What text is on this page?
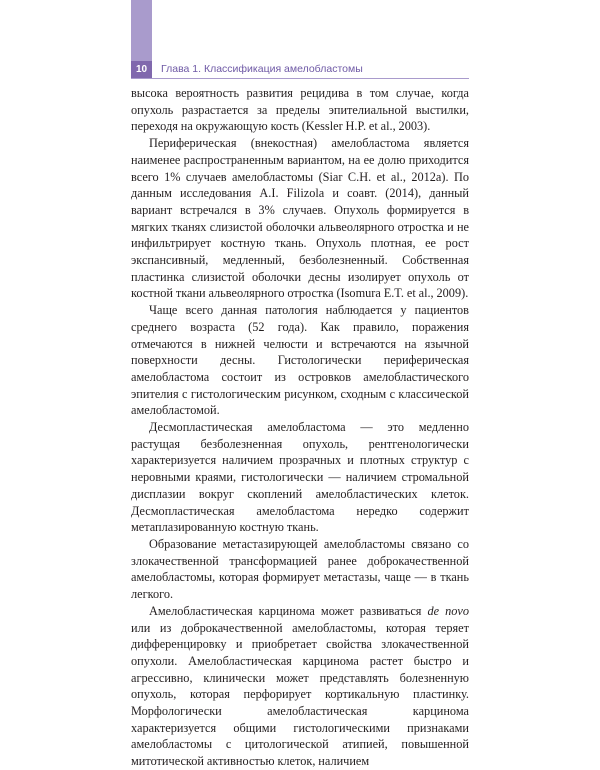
10	Глава 1. Классификация амелобластомы

высока вероятность развития рецидива в том случае, когда опухоль разрастается за пределы эпителиальной выстилки, переходя на окружающую кость (Kessler H.P. et al., 2003).

Периферическая (внекостная) амелобластома является наименее распространенным вариантом, на ее долю приходится всего 1% случаев амелобластомы (Siar C.H. et al., 2012a). По данным исследования A.I. Filizola и соавт. (2014), данный вариант встречался в 3% случаев. Опухоль формируется в мягких тканях слизистой оболочки альвеолярного отростка и не инфильтрирует костную ткань. Опухоль плотная, ее рост экспансивный, медленный, безболезненный. Собственная пластинка слизистой оболочки десны изолирует опухоль от костной ткани альвеолярного отростка (Isomura E.T. et al., 2009).

Чаще всего данная патология наблюдается у пациентов среднего возраста (52 года). Как правило, поражения отмечаются в нижней челюсти и встречаются на язычной поверхности десны. Гистологически периферическая амелобластома состоит из островков амелобластического эпителия с гистологическим рисунком, сходным с классической амелобластомой.

Десмопластическая амелобластома — это медленно растущая безболезненная опухоль, рентгенологически характеризуется наличием прозрачных и плотных структур с неровными краями, гистологически — наличием стромальной дисплазии вокруг скоплений амелобластических клеток. Десмопластическая амелобластома нередко содержит метаплазированную костную ткань.

Образование метастазирующей амелобластомы связано со злокачественной трансформацией ранее доброкачественной амелобластомы, которая формирует метастазы, чаще — в ткань легкого.

Амелобластическая карцинома может развиваться de novo или из доброкачественной амелобластомы, которая теряет дифференцировку и приобретает свойства злокачественной опухоли. Амелобластическая карцинома растет быстро и агрессивно, клинически может представлять болезненную опухоль, которая перфорирует кортикальную пластинку. Морфологически амелобластическая карцинома характеризуется общими гистологическими признаками амелобластомы с цитологической атипией, повышенной митотической активностью клеток, наличием
